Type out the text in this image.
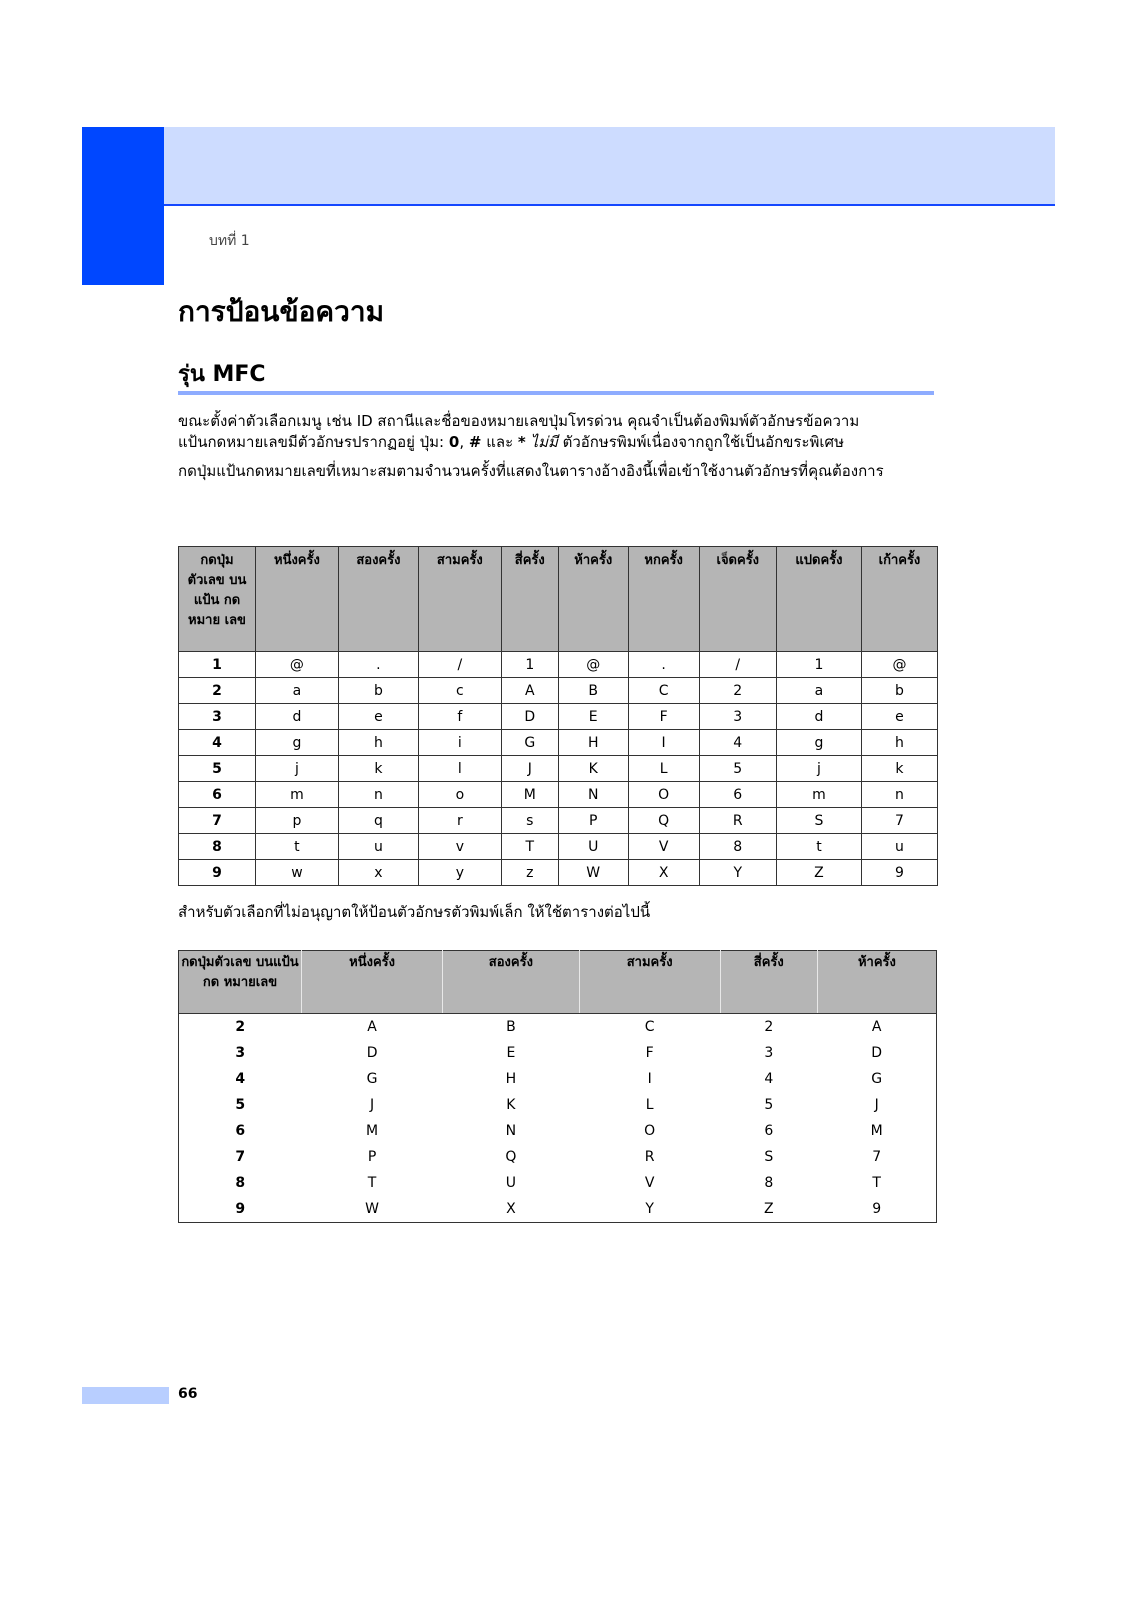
บทที่ 1
การป้อนข้อความ
รุ่น MFC

ขณะตั้งค่าตัวเลือกเมนู เช่น ID สถานีและชื่อของหมายเลขปุ่มโทรด่วน คุณจำเป็นต้องพิมพ์ตัวอักษรข้อความ
แป้นกดหมายเลขมีตัวอักษรปรากฏอยู่ ปุ่ม: 0, # และ * ไม่มี ตัวอักษรพิมพ์เนื่องจากถูกใช้เป็นอักขระพิเศษ

กดปุ่มแป้นกดหมายเลขที่เหมาะสมตามจำนวนครั้งที่แสดงในตารางอ้างอิงนี้เพื่อเข้าใช้งานตัวอักษรที่คุณต้องการ

กดปุ่ม ตัวเลข บนแป้น กดหมาย เลข	หนึ่งครั้ง	สองครั้ง	สามครั้ง	สี่ครั้ง	ห้าครั้ง	หกครั้ง	เจ็ดครั้ง	แปดครั้ง	เก้าครั้ง
1	@	.	/	1	@	.	/	1	@
2	a	b	c	A	B	C	2	a	b
3	d	e	f	D	E	F	3	d	e
4	g	h	i	G	H	I	4	g	h
5	j	k	l	J	K	L	5	j	k
6	m	n	o	M	N	O	6	m	n
7	p	q	r	s	P	Q	R	S	7
8	t	u	v	T	U	V	8	t	u
9	w	x	y	z	W	X	Y	Z	9

สำหรับตัวเลือกที่ไม่อนุญาตให้ป้อนตัวอักษรตัวพิมพ์เล็ก ให้ใช้ตารางต่อไปนี้

กดปุ่มตัวเลข บนแป้นกด หมายเลข	หนึ่งครั้ง	สองครั้ง	สามครั้ง	สี่ครั้ง	ห้าครั้ง
2	A	B	C	2	A
3	D	E	F	3	D
4	G	H	I	4	G
5	J	K	L	5	J
6	M	N	O	6	M
7	P	Q	R	S	7
8	T	U	V	8	T
9	W	X	Y	Z	9
66
